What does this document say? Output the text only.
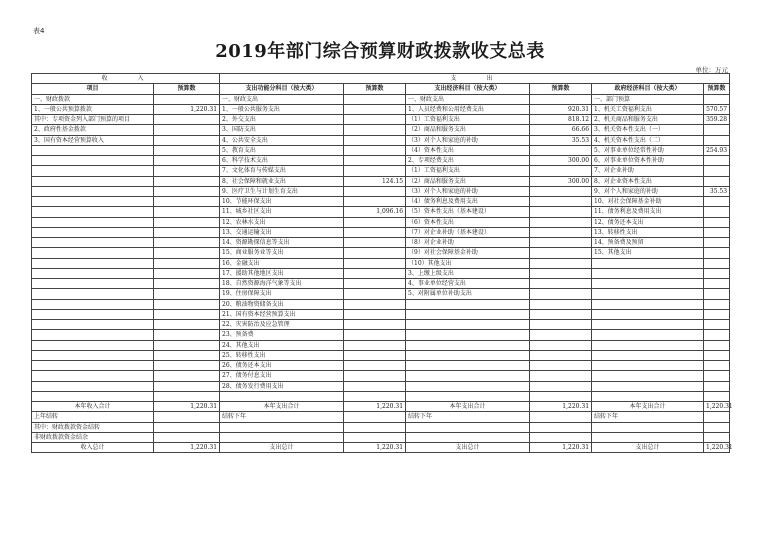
表4
2019年部门综合预算财政拨款收支总表
单位：万元
收　　入		支　　出					
项目	预算数	支出功能分科目（按大类）	预算数	支出经济科目（按大类）	预算数	政府经济科目（按大类）	预算数
一、财政拨款		一、财政支出		一、财政支出		一、部门预算	
1、一般公共预算拨款	1,220.31	1、一般公共服务支出		1、人员经费和公用经费支出	920.31	1、机关工资福利支出	570.57
其中：专项资金列入部门预算的项目		2、外交支出		（1）工资福利支出	818.12	2、机关商品和服务支出	359.28
2、政府性基金拨款		3、国防支出		（2）商品和服务支出	66.66	3、机关资本性支出（一）	
3、国有资本经营预算收入		4、公共安全支出		（3）对个人和家庭的补助	35.53	4、机关资本性支出（二）	
		5、教育支出		（4）资本性支出		5、对事业单位经常性补助	254.93
		6、科学技术支出		2、专项经费支出	300.00	6、对事业单位资本性补助	
		7、文化体育与传媒支出		（1）工资福利支出		7、对企业补助	
		8、社会保障和就业支出	124.15	（2）商品和服务支出	300.00	8、对企业资本性支出	
		9、医疗卫生与计划生育支出		（3）对个人和家庭的补助		9、对个人和家庭的补助	35.53
		10、节能环保支出		（4）债务利息及费用支出		10、对社会保障基金补助	
		11、城乡社区支出	1,096.16	（5）资本性支出（基本建设）		11、债务利息及费用支出	
		12、农林水支出		（6）资本性支出		12、债务还本支出	
		13、交通运输支出		（7）对企业补助（基本建设）		13、转移性支出	
		14、资源勘探信息等支出		（8）对企业补助		14、预备费及预留	
		15、商业服务业等支出		（9）对社会保障基金补助		15、其他支出	
		16、金融支出		（10）其他支出			
		17、援助其他地区支出		3、上缴上级支出			
		18、自然资源海洋气象等支出		4、事业单位经营支出			
		19、住房保障支出		5、对附属单位补助支出			
		20、粮油物资储备支出					
		21、国有资本经营预算支出					
		22、灾害防治及应急管理					
		23、预备费					
		24、其他支出					
		25、转移性支出					
		26、债务还本支出					
		27、债务付息支出					
		28、债务发行费用支出					

本年收入合计	1,220.31	本年支出合计	1,220.31	本年支出合计	1,220.31	本年支出合计	1,220.31
上年结转		结转下年		结转下年		结转下年	
其中：财政拨款资金结转							
非财政拨款资金结余							
收入总计	1,220.31	支出总计	1,220.31	支出总计	1,220.31	支出总计	1,220.31
